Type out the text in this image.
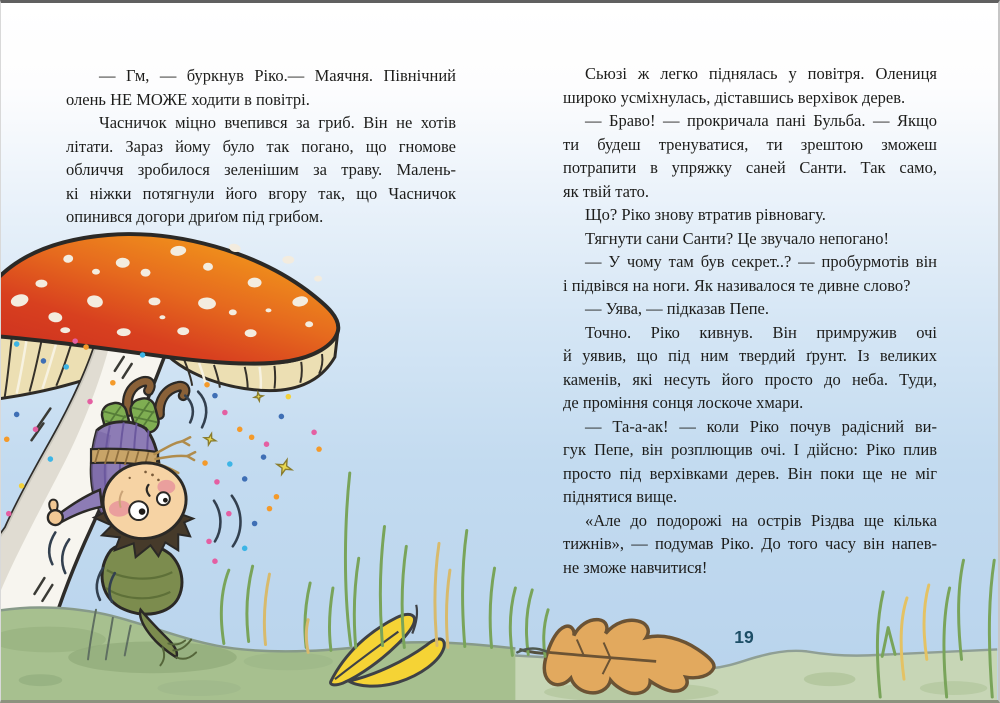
— Гм, — буркнув Ріко.— Маячня. Північний
олень НЕ МОЖЕ ходити в повітрі.
Часничок міцно вчепився за гриб. Він не хотів
літати. Зараз йому було так погано, що гномове
обличчя зробилося зеленішим за траву. Малень-
кі ніжки потягнули його вгору так, що Часничок
опинився догори дриґом під грибом.
Сьюзі ж легко піднялась у повітря. Олениця
широко усміхнулась, діставшись верхівок дерев.
— Браво! — прокричала пані Бульба. — Якщо
ти будеш тренуватися, ти зрештою зможеш
потрапити в упряжку саней Санти. Так само,
як твій тато.
Що? Ріко знову втратив рівновагу.
Тягнути сани Санти? Це звучало непогано!
— У чому там був секрет..? — пробурмотів він
і підвівся на ноги. Як називалося те дивне слово?
— Уява, — підказав Пепе.
Точно. Ріко кивнув. Він примружив очі
й уявив, що під ним твердий ґрунт. Із великих
каменів, які несуть його просто до неба. Туди,
де проміння сонця лоскоче хмари.
— Та-а-ак! — коли Ріко почув радісний ви-
гук Пепе, він розплющив очі. І дійсно: Ріко плив
просто під верхівками дерев. Він поки ще не міг
піднятися вище.
«Але до подорожі на острів Різдва ще кілька
тижнів», — подумав Ріко. До того часу він напев-
не зможе навчитися!
19
